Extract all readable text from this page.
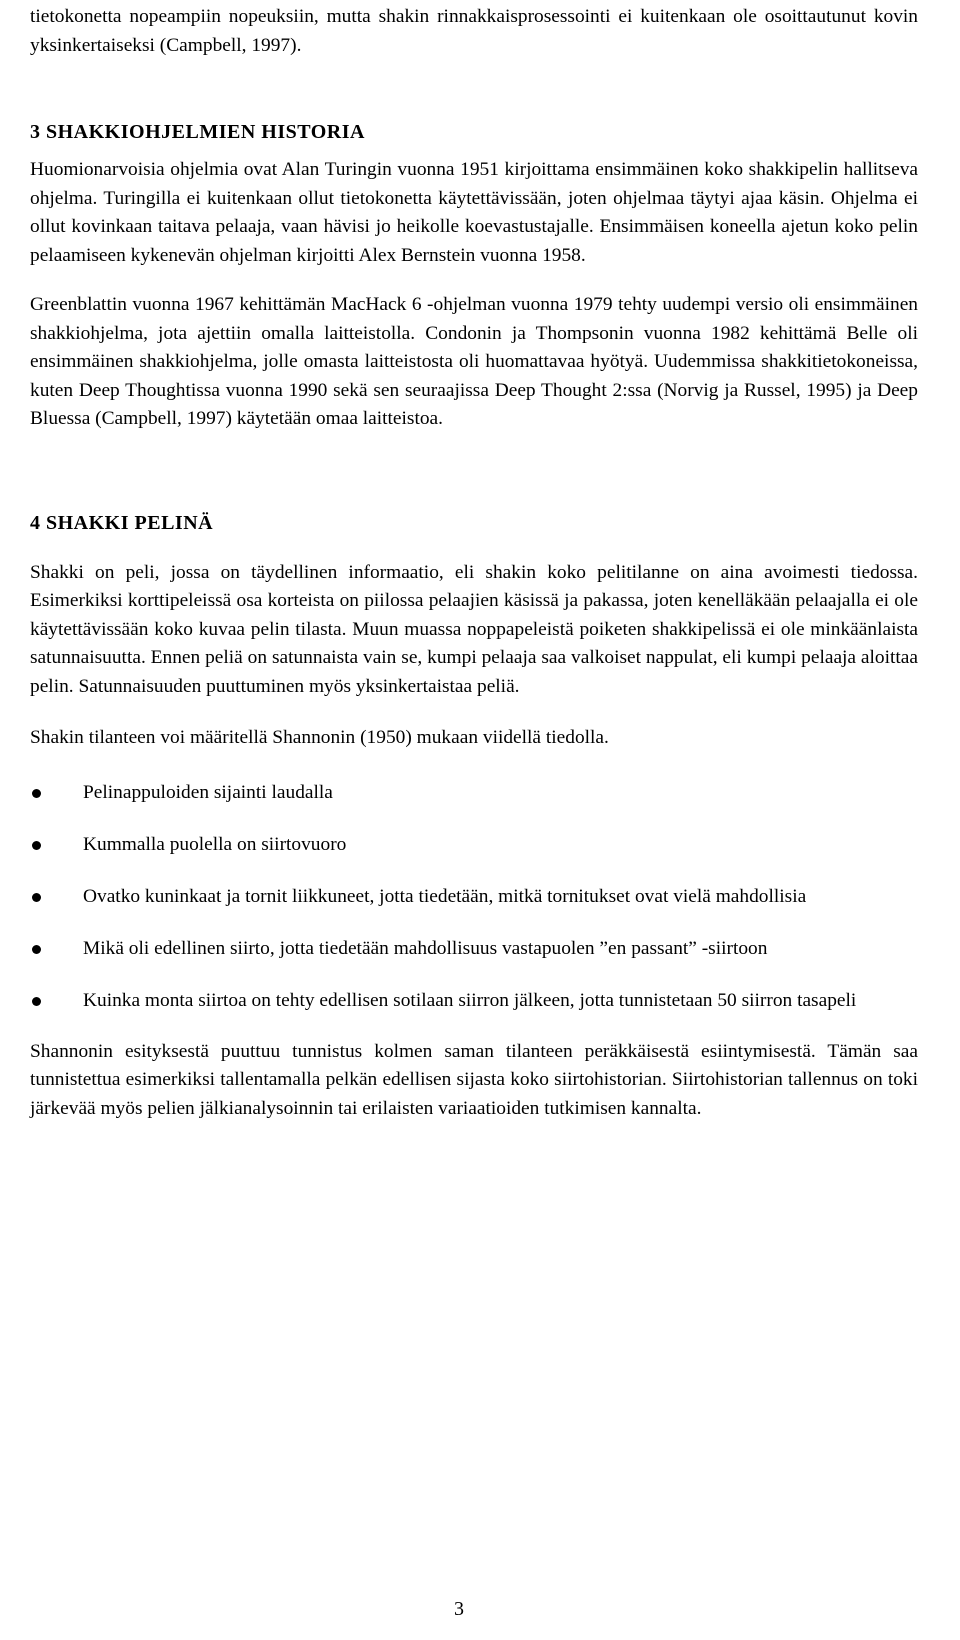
tietokonetta nopeampiin nopeuksiin, mutta shakin rinnakkaisprosessointi ei kuitenkaan ole osoittautunut kovin yksinkertaiseksi (Campbell, 1997).

3 SHAKKIOHJELMIEN HISTORIA

Huomionarvoisia ohjelmia ovat Alan Turingin vuonna 1951 kirjoittama ensimmäinen koko shakkipelin hallitseva ohjelma. Turingilla ei kuitenkaan ollut tietokonetta käytettävissään, joten ohjelmaa täytyi ajaa käsin. Ohjelma ei ollut kovinkaan taitava pelaaja, vaan hävisi jo heikolle koevastustajalle. Ensimmäisen koneella ajetun koko pelin pelaamiseen kykenevän ohjelman kirjoitti Alex Bernstein vuonna 1958.

Greenblattin vuonna 1967 kehittämän MacHack 6 -ohjelman vuonna 1979 tehty uudempi versio oli ensimmäinen shakkiohjelma, jota ajettiin omalla laitteistolla. Condonin ja Thompsonin vuonna 1982 kehittämä Belle oli ensimmäinen shakkiohjelma, jolle omasta laitteistosta oli huomattavaa hyötyä. Uudemmissa shakkitietokoneissa, kuten Deep Thoughtissa vuonna 1990 sekä sen seuraajissa Deep Thought 2:ssa (Norvig ja Russel, 1995) ja Deep Bluessa (Campbell, 1997) käytetään omaa laitteistoa.

4 SHAKKI PELINÄ

Shakki on peli, jossa on täydellinen informaatio, eli shakin koko pelitilanne on aina avoimesti tiedossa. Esimerkiksi korttipeleissä osa korteista on piilossa pelaajien käsissä ja pakassa, joten kenelläkään pelaajalla ei ole käytettävissään koko kuvaa pelin tilasta. Muun muassa noppapeleistä poiketen shakkipelissä ei ole minkäänlaista satunnaisuutta. Ennen peliä on satunnaista vain se, kumpi pelaaja saa valkoiset nappulat, eli kumpi pelaaja aloittaa pelin. Satunnaisuuden puuttuminen myös yksinkertaistaa peliä.

Shakin tilanteen voi määritellä Shannonin (1950) mukaan viidellä tiedolla.

Pelinappuloiden sijainti laudalla
Kummalla puolella on siirtovuoro
Ovatko kuninkaat ja tornit liikkuneet, jotta tiedetään, mitkä tornitukset ovat vielä mahdollisia
Mikä oli edellinen siirto, jotta tiedetään mahdollisuus vastapuolen ”en passant” -siirtoon
Kuinka monta siirtoa on tehty edellisen sotilaan siirron jälkeen, jotta tunnistetaan 50 siirron tasapeli

Shannonin esityksestä puuttuu tunnistus kolmen saman tilanteen peräkkäisestä esiintymisestä. Tämän saa tunnistettua esimerkiksi tallentamalla pelkän edellisen sijasta koko siirtohistorian. Siirtohistorian tallennus on toki järkevää myös pelien jälkianalysoinnin tai erilaisten variaatioiden tutkimisen kannalta.

3
